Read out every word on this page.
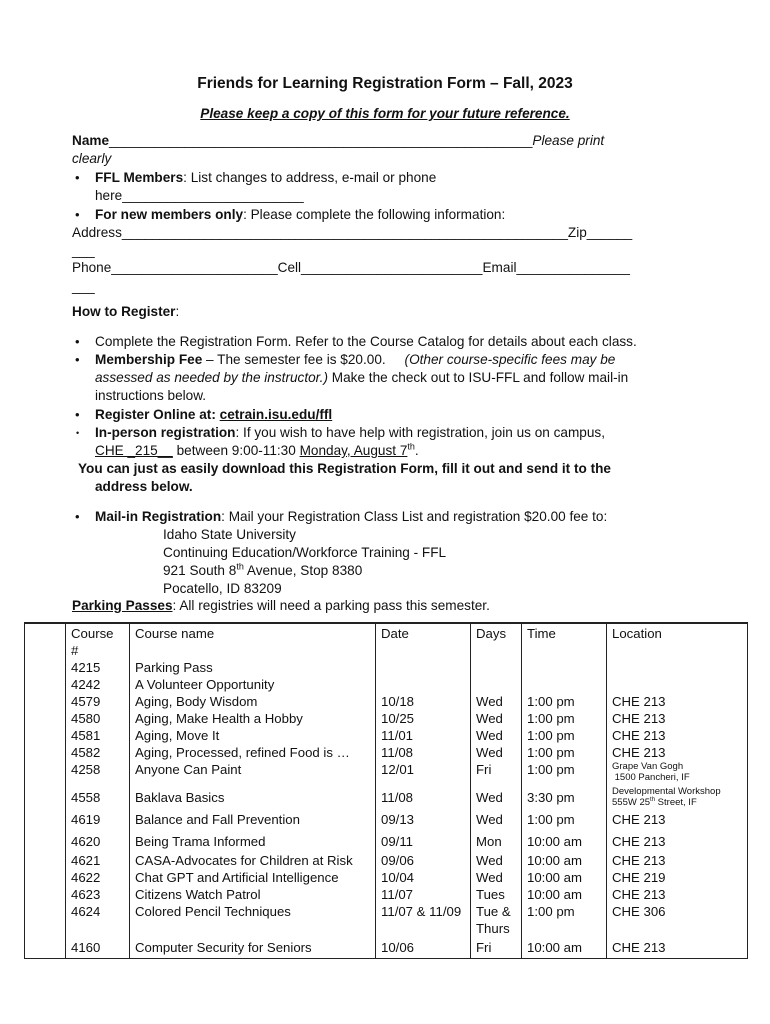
Friends for Learning Registration Form – Fall, 2023
Please keep a copy of this form for your future reference.
Name________________________________________________________Please print
clearly
•	FFL Members: List changes to address, e-mail or phone
here________________________
•	For new members only: Please complete the following information:
Address___________________________________________________________Zip______
___
Phone______________________Cell________________________Email_______________
___
How to Register:
•	Complete the Registration Form. Refer to the Course Catalog for details about each class.
•	Membership Fee – The semester fee is $20.00.     (Other course-specific fees may be
assessed as needed by the instructor.) Make the check out to ISU-FFL and follow mail-in
instructions below.
•	Register Online at: cetrain.isu.edu/ffl
•	In-person registration: If you wish to have help with registration, join us on campus,
CHE _215__ between 9:00-11:30 Monday, August 7th.
You can just as easily download this Registration Form, fill it out and send it to the
address below.
•	Mail-in Registration: Mail your Registration Class List and registration $20.00 fee to:
Idaho State University
Continuing Education/Workforce Training - FFL
921 South 8th Avenue, Stop 8380
Pocatello, ID 83209
Parking Passes: All registries will need a parking pass this semester.
	Course
#	Course name	Date	Days	Time	Location
	4215	Parking Pass				
	4242	A Volunteer Opportunity				
	4579	Aging, Body Wisdom	10/18	Wed	1:00 pm	CHE 213
	4580	Aging, Make Health a Hobby	10/25	Wed	1:00 pm	CHE 213
	4581	Aging, Move It	11/01	Wed	1:00 pm	CHE 213
	4582	Aging, Processed, refined Food is …	11/08	Wed	1:00 pm	CHE 213
	4258	Anyone Can Paint	12/01	Fri	1:00 pm	Grape Van Gogh
1500 Pancheri, IF

	4558	Baklava Basics	11/08	Wed	3:30 pm	Developmental Workshop
555W 25th Street, IF

	4619	Balance and Fall Prevention	09/13	Wed	1:00 pm	CHE 213
	4620	Being Trama Informed	09/11	Mon	10:00 am	CHE 213
	4621	CASA-Advocates for Children at Risk	09/06	Wed	10:00 am	CHE 213
	4622	Chat GPT and Artificial Intelligence	10/04	Wed	10:00 am	CHE 219
	4623	Citizens Watch Patrol	11/07	Tues	10:00 am	CHE 213
	4624	Colored Pencil Techniques	11/07 & 11/09	Tue &
Thurs	1:00 pm	CHE 306
	4160	Computer Security for Seniors	10/06	Fri	10:00 am	CHE 213
